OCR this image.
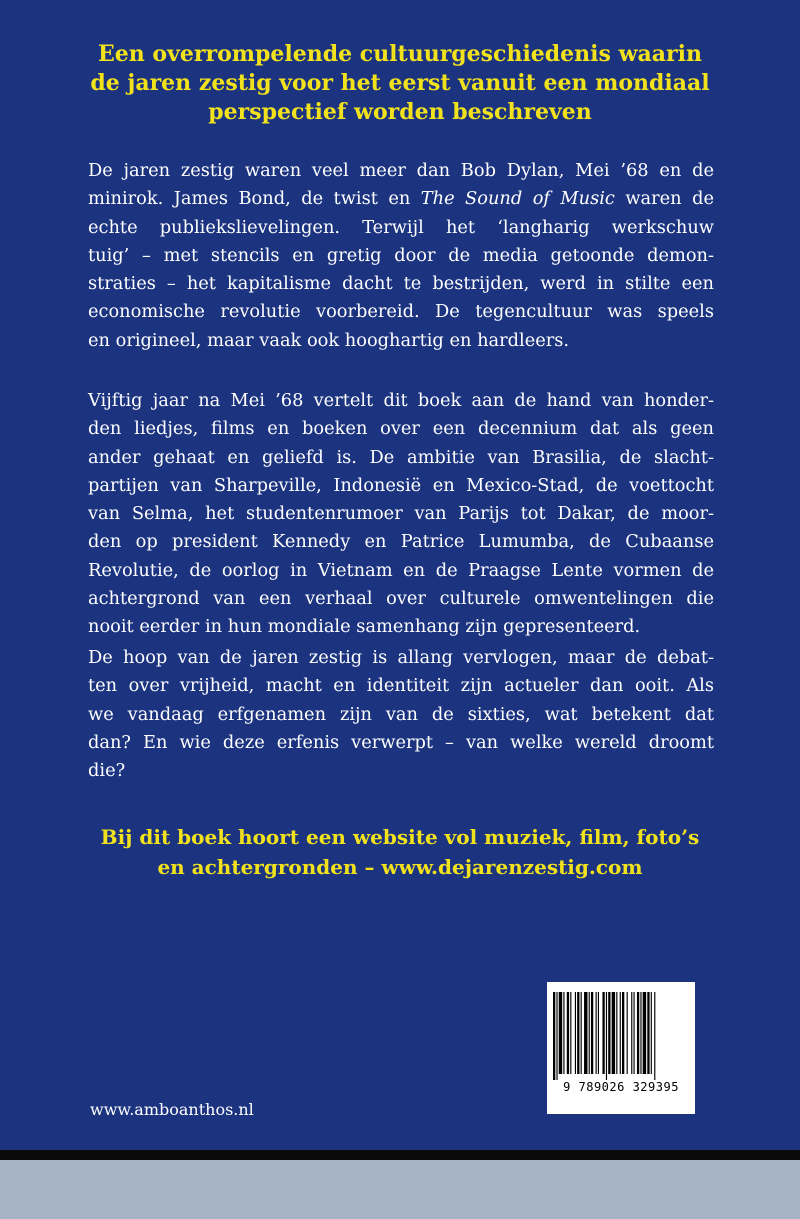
Een overrompelende cultuurgeschiedenis waarin
de jaren zestig voor het eerst vanuit een mondiaal
perspectief worden beschreven

De jaren zestig waren veel meer dan Bob Dylan, Mei ’68 en de
minirok. James Bond, de twist en The Sound of Music waren de
echte publiekslievelingen. Terwijl het ‘langharig werkschuw
tuig’ – met stencils en gretig door de media getoonde demon-
straties – het kapitalisme dacht te bestrijden, werd in stilte een
economische revolutie voorbereid. De tegencultuur was speels
en origineel, maar vaak ook hooghartig en hardleers.

Vijftig jaar na Mei ’68 vertelt dit boek aan de hand van honder-
den liedjes, films en boeken over een decennium dat als geen
ander gehaat en geliefd is. De ambitie van Brasilia, de slacht-
partijen van Sharpeville, Indonesië en Mexico-Stad, de voettocht
van Selma, het studentenrumoer van Parijs tot Dakar, de moor-
den op president Kennedy en Patrice Lumumba, de Cubaanse
Revolutie, de oorlog in Vietnam en de Praagse Lente vormen de
achtergrond van een verhaal over culturele omwentelingen die
nooit eerder in hun mondiale samenhang zijn gepresenteerd.

De hoop van de jaren zestig is allang vervlogen, maar de debat-
ten over vrijheid, macht en identiteit zijn actueler dan ooit. Als
we vandaag erfgenamen zijn van de sixties, wat betekent dat
dan? En wie deze erfenis verwerpt – van welke wereld droomt
die?

Bij dit boek hoort een website vol muziek, film, foto’s
en achtergronden – www.dejarenzestig.com

www.amboanthos.nl

9 789026 329395
